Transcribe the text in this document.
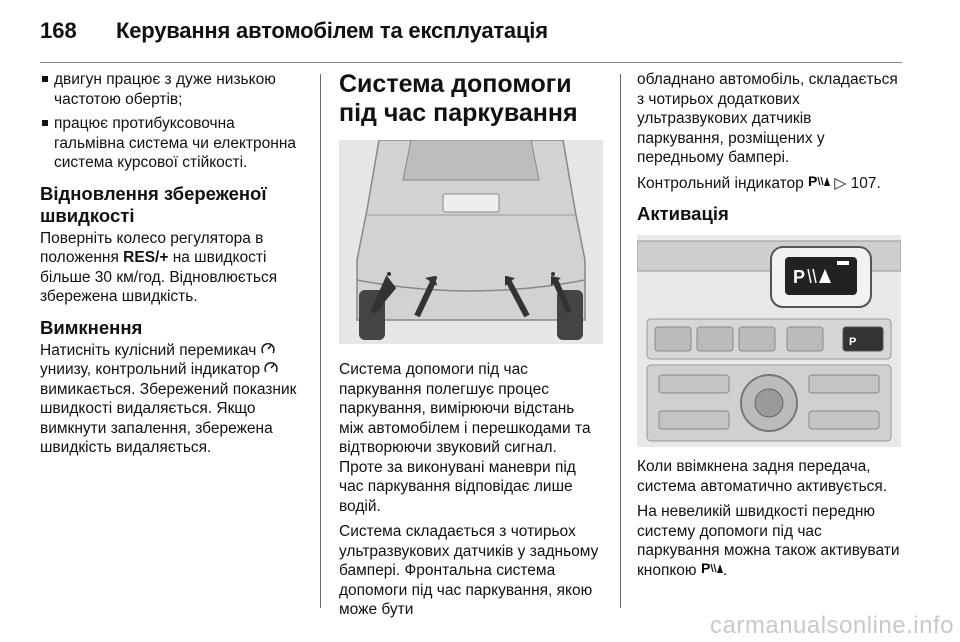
168 Керування автомобілем та експлуатація
двигун працює з дуже низькою частотою обертів;
працює протибуксовочна гальмівна система чи електронна система курсової стійкості.
Відновлення збереженої швидкості

Поверніть колесо регулятора в положення RES/+ на швидкості більше 30 км/год. Відновлюється збережена швидкість.

Вимкнення

Натисніть кулісний перемикач  униизу, контрольний індикатор  вимикається. Збережений показник швидкості видаляється. Якщо вимкнути запалення, збережена швидкість видаляється.

Система допомоги під час паркування

Система допомоги під час паркування полегшує процес паркування, вимірюючи відстань між автомобілем і перешкодами та відтворюючи звуковий сигнал. Проте за виконувані маневри під час паркування відповідає лише водій.

Система складається з чотирьох ультразвукових датчиків у задньому бампері. Фронтальна система допомоги під час паркування, якою може бути

обладнано автомобіль, складається з чотирьох додаткових ультразвукових датчиків паркування, розміщених у передньому бампері.

Контрольний індикатор P ▷ 107.

Активація
P
P

Коли ввімкнена задня передача, система автоматично активується.

На невеликій швидкості передню систему допомоги під час паркування можна також активувати кнопкою P .

carmanualsonline.info
